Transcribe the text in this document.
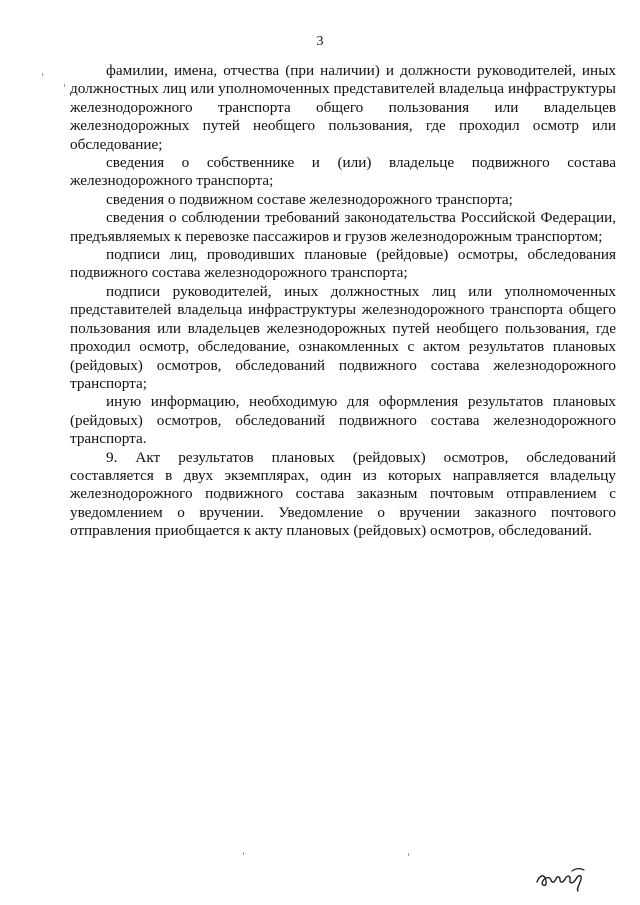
3

фамилии, имена, отчества (при наличии) и должности руководителей, иных должностных лиц или уполномоченных представителей владельца инфраструктуры железнодорожного транспорта общего пользования или владельцев железнодорожных путей необщего пользования, где проходил осмотр или обследование;

сведения о собственнике и (или) владельце подвижного состава железнодорожного транспорта;

сведения о подвижном составе железнодорожного транспорта;

сведения о соблюдении требований законодательства Российской Федерации, предъявляемых к перевозке пассажиров и грузов железнодорожным транспортом;

подписи лиц, проводивших плановые (рейдовые) осмотры, обследования подвижного состава железнодорожного транспорта;

подписи руководителей, иных должностных лиц или уполномоченных представителей владельца инфраструктуры железнодорожного транспорта общего пользования или владельцев железнодорожных путей необщего пользования, где проходил осмотр, обследование, ознакомленных с актом результатов плановых (рейдовых) осмотров, обследований подвижного состава железнодорожного транспорта;

иную информацию, необходимую для оформления результатов плановых (рейдовых) осмотров, обследований подвижного состава железнодорожного транспорта.

9. Акт результатов плановых (рейдовых) осмотров, обследований составляется в двух экземплярах, один из которых направляется владельцу железнодорожного подвижного состава заказным почтовым отправлением с уведомлением о вручении. Уведомление о вручении заказного почтового отправления приобщается к акту плановых (рейдовых) осмотров, обследований.
